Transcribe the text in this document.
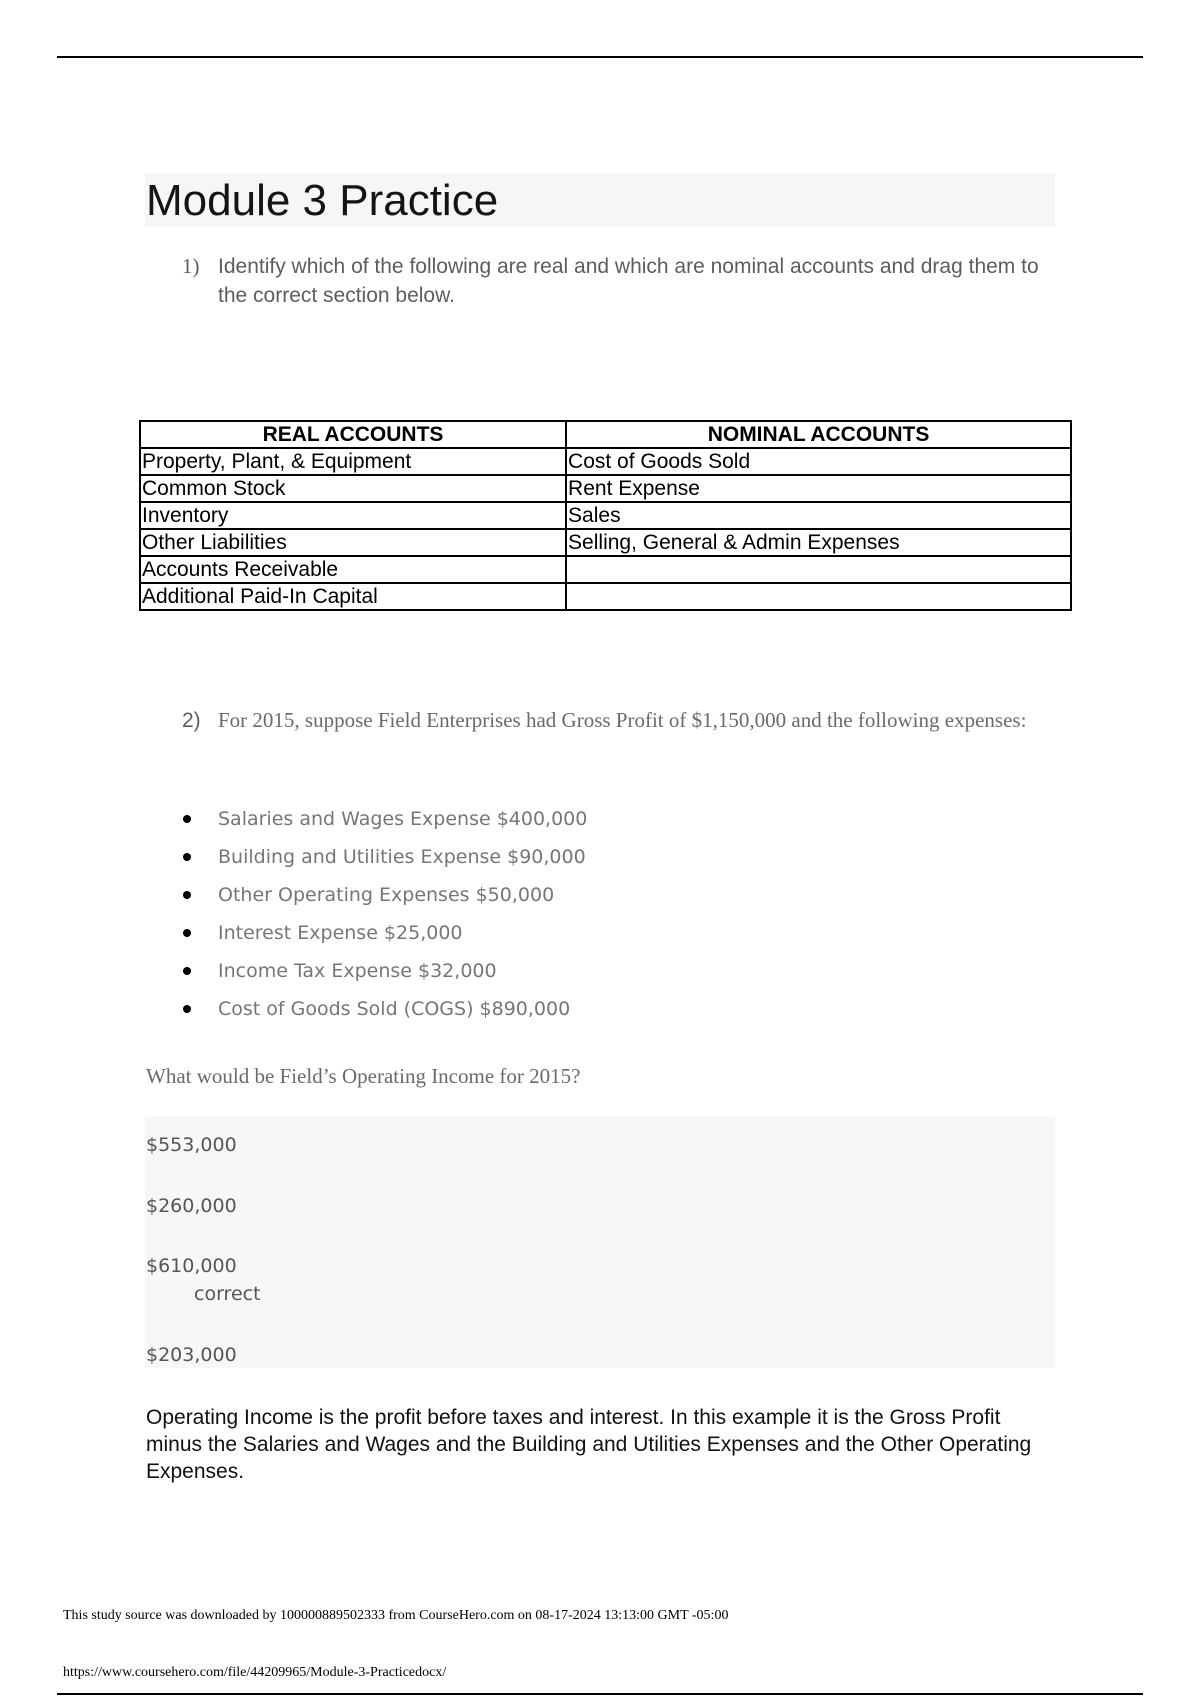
Module 3 Practice
1) Identify which of the following are real and which are nominal accounts and drag them to the correct section below.
REAL ACCOUNTS	NOMINAL ACCOUNTS
Property, Plant, & Equipment	Cost of Goods Sold
Common Stock	Rent Expense
Inventory	Sales
Other Liabilities	Selling, General & Admin Expenses
Accounts Receivable	
Additional Paid-In Capital	
2) For 2015, suppose Field Enterprises had Gross Profit of $1,150,000 and the following expenses:
Salaries and Wages Expense $400,000
Building and Utilities Expense $90,000
Other Operating Expenses $50,000
Interest Expense $25,000
Income Tax Expense $32,000
Cost of Goods Sold (COGS) $890,000
What would be Field’s Operating Income for 2015?
$553,000
$260,000
$610,000
correct
$203,000
Operating Income is the profit before taxes and interest. In this example it is the Gross Profit minus the Salaries and Wages and the Building and Utilities Expenses and the Other Operating Expenses.
This study source was downloaded by 100000889502333 from CourseHero.com on 08-17-2024 13:13:00 GMT -05:00
https://www.coursehero.com/file/44209965/Module-3-Practicedocx/
